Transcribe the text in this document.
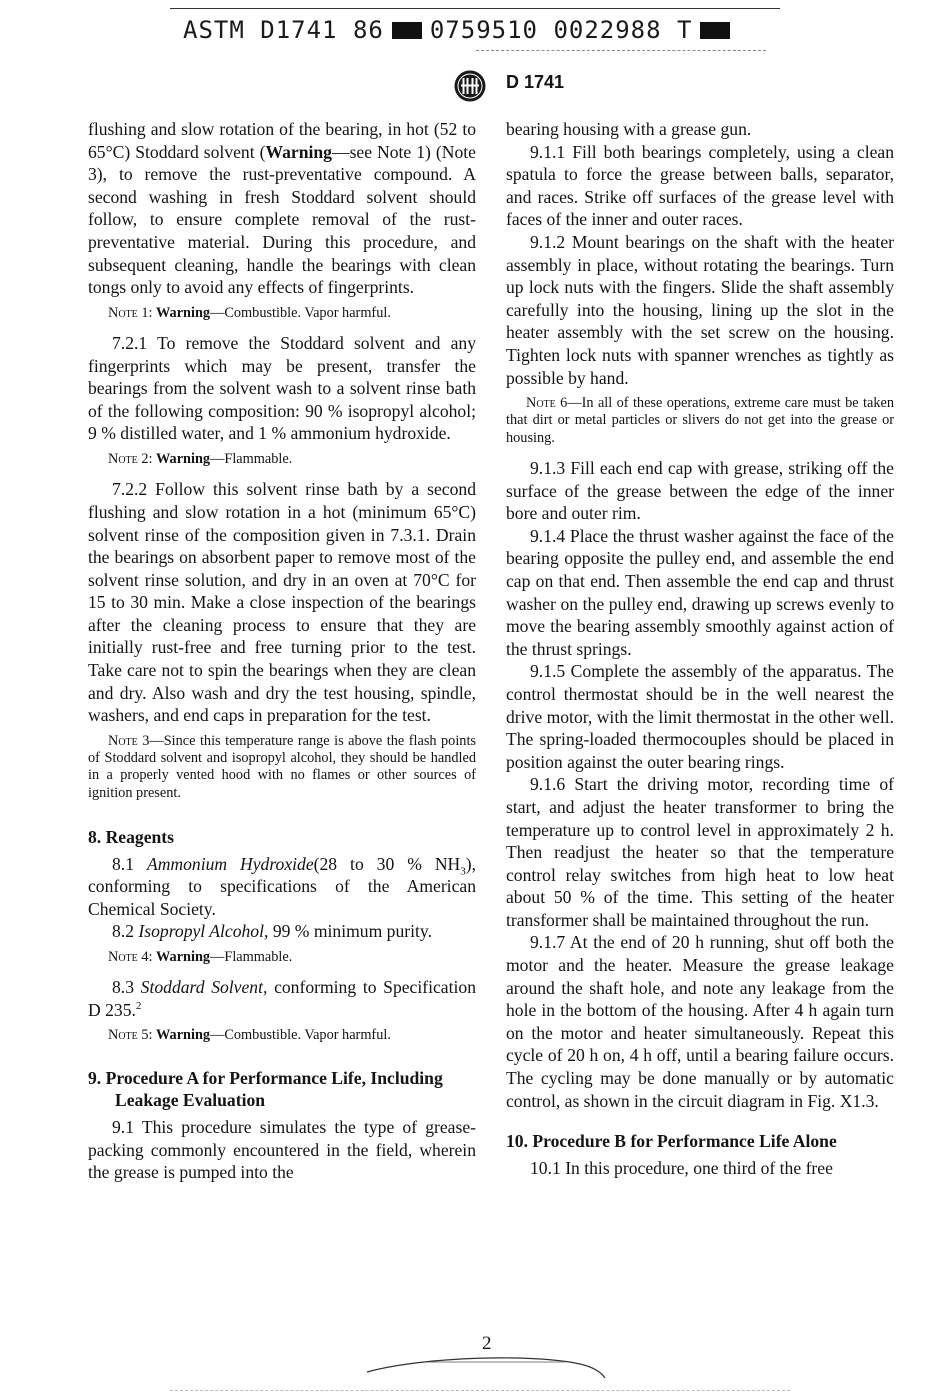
ASTM D1741 86 0759510 0022988 T
D 1741

flushing and slow rotation of the bearing, in hot (52 to 65°C) Stoddard solvent (Warning—see Note 1) (Note 3), to remove the rust-preventative compound. A second washing in fresh Stoddard solvent should follow, to ensure complete removal of the rust-preventative material. During this procedure, and subsequent cleaning, handle the bearings with clean tongs only to avoid any effects of fingerprints.

Note 1: Warning—Combustible. Vapor harmful.

7.2.1 To remove the Stoddard solvent and any fingerprints which may be present, transfer the bearings from the solvent wash to a solvent rinse bath of the following composition: 90 % isopropyl alcohol; 9 % distilled water, and 1 % ammonium hydroxide.

Note 2: Warning—Flammable.

7.2.2 Follow this solvent rinse bath by a second flushing and slow rotation in a hot (minimum 65°C) solvent rinse of the composition given in 7.3.1. Drain the bearings on absorbent paper to remove most of the solvent rinse solution, and dry in an oven at 70°C for 15 to 30 min. Make a close inspection of the bearings after the cleaning process to ensure that they are initially rust-free and free turning prior to the test. Take care not to spin the bearings when they are clean and dry. Also wash and dry the test housing, spindle, washers, and end caps in preparation for the test.

Note 3—Since this temperature range is above the flash points of Stoddard solvent and isopropyl alcohol, they should be handled in a properly vented hood with no flames or other sources of ignition present.

8. Reagents

8.1 Ammonium Hydroxide(28 to 30 % $NH_3$), conforming to specifications of the American Chemical Society.

8.2 Isopropyl Alcohol, 99 % minimum purity.

Note 4: Warning—Flammable.

8.3 Stoddard Solvent, conforming to Specification D 235.$^2$

Note 5: Warning—Combustible. Vapor harmful.

9. Procedure A for Performance Life, Including Leakage Evaluation

9.1 This procedure simulates the type of grease-packing commonly encountered in the field, wherein the grease is pumped into the

bearing housing with a grease gun.

9.1.1 Fill both bearings completely, using a clean spatula to force the grease between balls, separator, and races. Strike off surfaces of the grease level with faces of the inner and outer races.

9.1.2 Mount bearings on the shaft with the heater assembly in place, without rotating the bearings. Turn up lock nuts with the fingers. Slide the shaft assembly carefully into the housing, lining up the slot in the heater assembly with the set screw on the housing. Tighten lock nuts with spanner wrenches as tightly as possible by hand.

Note 6—In all of these operations, extreme care must be taken that dirt or metal particles or slivers do not get into the grease or housing.

9.1.3 Fill each end cap with grease, striking off the surface of the grease between the edge of the inner bore and outer rim.

9.1.4 Place the thrust washer against the face of the bearing opposite the pulley end, and assemble the end cap on that end. Then assemble the end cap and thrust washer on the pulley end, drawing up screws evenly to move the bearing assembly smoothly against action of the thrust springs.

9.1.5 Complete the assembly of the apparatus. The control thermostat should be in the well nearest the drive motor, with the limit thermostat in the other well. The spring-loaded thermocouples should be placed in position against the outer bearing rings.

9.1.6 Start the driving motor, recording time of start, and adjust the heater transformer to bring the temperature up to control level in approximately 2 h. Then readjust the heater so that the temperature control relay switches from high heat to low heat about 50 % of the time. This setting of the heater transformer shall be maintained throughout the run.

9.1.7 At the end of 20 h running, shut off both the motor and the heater. Measure the grease leakage around the shaft hole, and note any leakage from the hole in the bottom of the housing. After 4 h again turn on the motor and heater simultaneously. Repeat this cycle of 20 h on, 4 h off, until a bearing failure occurs. The cycling may be done manually or by automatic control, as shown in the circuit diagram in Fig. X1.3.

10. Procedure B for Performance Life Alone

10.1 In this procedure, one third of the free

2
